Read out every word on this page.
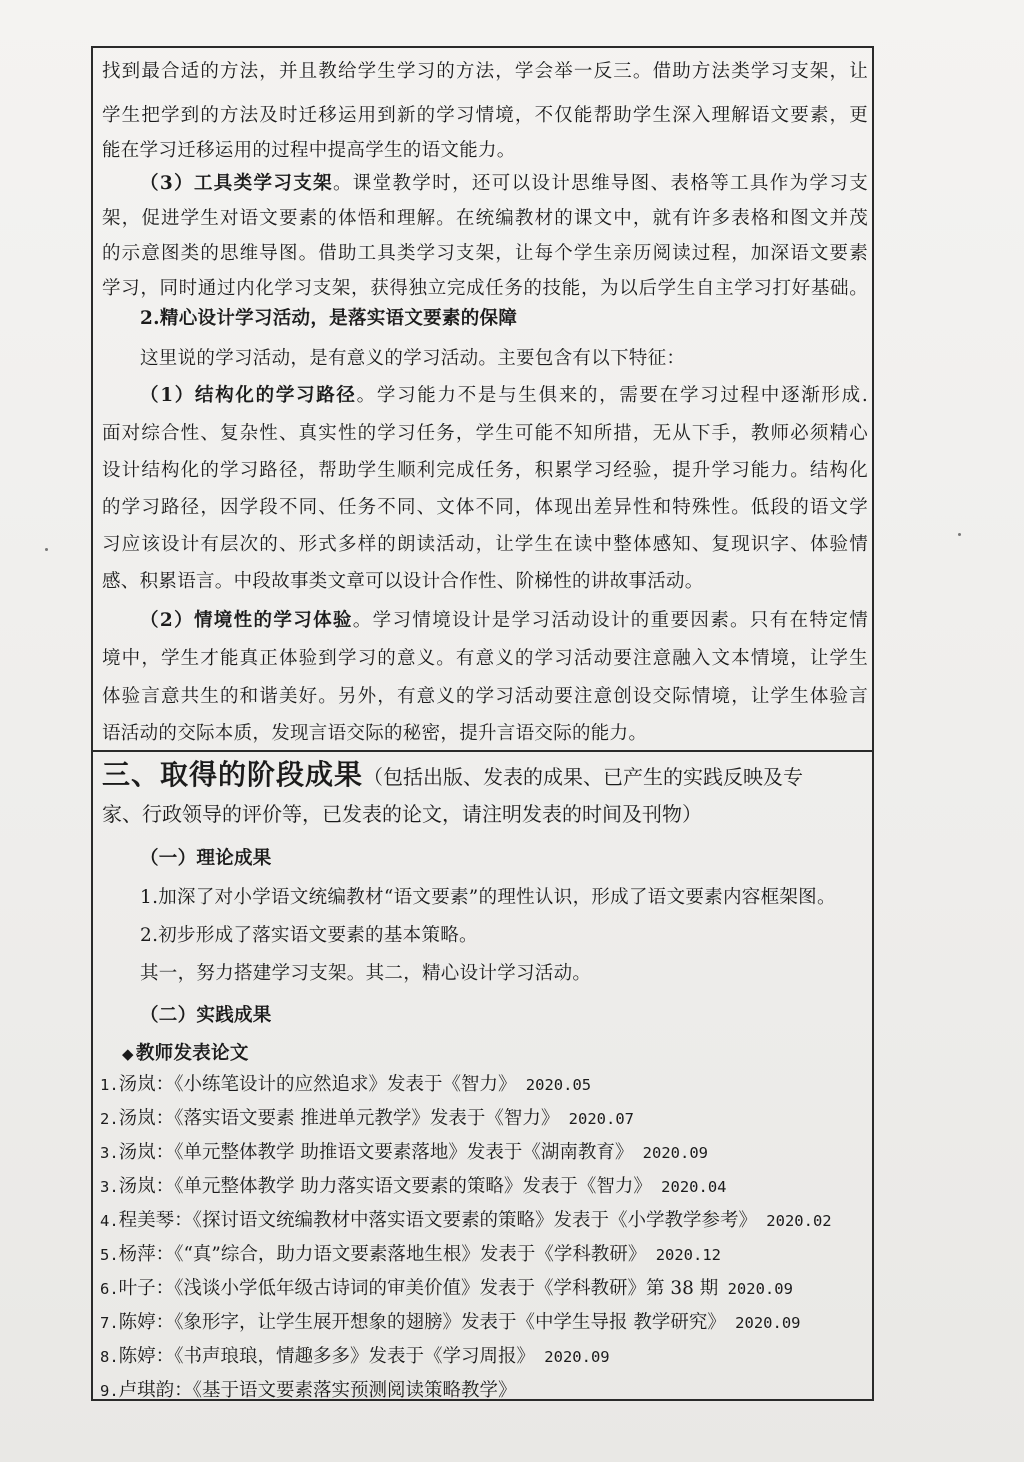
找到最合适的方法，并且教给学生学习的方法，学会举一反三。借助方法类学习支架，让
学生把学到的方法及时迁移运用到新的学习情境，不仅能帮助学生深入理解语文要素，更
能在学习迁移运用的过程中提高学生的语文能力。
（3）工具类学习支架。课堂教学时，还可以设计思维导图、表格等工具作为学习支
架，促进学生对语文要素的体悟和理解。在统编教材的课文中，就有许多表格和图文并茂
的示意图类的思维导图。借助工具类学习支架，让每个学生亲历阅读过程，加深语文要素
学习，同时通过内化学习支架，获得独立完成任务的技能，为以后学生自主学习打好基础。
2.精心设计学习活动，是落实语文要素的保障
这里说的学习活动，是有意义的学习活动。主要包含有以下特征：
（1）结构化的学习路径。学习能力不是与生俱来的，需要在学习过程中逐渐形成.
面对综合性、复杂性、真实性的学习任务，学生可能不知所措，无从下手，教师必须精心
设计结构化的学习路径，帮助学生顺利完成任务，积累学习经验，提升学习能力。结构化
的学习路径，因学段不同、任务不同、文体不同，体现出差异性和特殊性。低段的语文学
习应该设计有层次的、形式多样的朗读活动，让学生在读中整体感知、复现识字、体验情
感、积累语言。中段故事类文章可以设计合作性、阶梯性的讲故事活动。
（2）情境性的学习体验。学习情境设计是学习活动设计的重要因素。只有在特定情
境中，学生才能真正体验到学习的意义。有意义的学习活动要注意融入文本情境，让学生
体验言意共生的和谐美好。另外，有意义的学习活动要注意创设交际情境，让学生体验言
语活动的交际本质，发现言语交际的秘密，提升言语交际的能力。
三、取得的阶段成果（包括出版、发表的成果、已产生的实践反映及专
家、行政领导的评价等，已发表的论文，请注明发表的时间及刊物）
（一）理论成果
1.加深了对小学语文统编教材“语文要素”的理性认识，形成了语文要素内容框架图。
2.初步形成了落实语文要素的基本策略。
其一，努力搭建学习支架。其二，精心设计学习活动。
（二）实践成果
◆ 教师发表论文
1.汤岚：《小练笔设计的应然追求》发表于《智力》 2020.05
2.汤岚：《落实语文要素 推进单元教学》发表于《智力》 2020.07
3.汤岚：《单元整体教学 助推语文要素落地》发表于《湖南教育》 2020.09
3.汤岚：《单元整体教学 助力落实语文要素的策略》发表于《智力》 2020.04
4.程美琴：《探讨语文统编教材中落实语文要素的策略》发表于《小学教学参考》 2020.02
5.杨萍：《“真”综合，助力语文要素落地生根》发表于《学科教研》 2020.12
6.叶子：《浅谈小学低年级古诗词的审美价值》发表于《学科教研》第 38 期 2020.09
7.陈婷：《象形字，让学生展开想象的翅膀》发表于《中学生导报 教学研究》 2020.09
8.陈婷：《书声琅琅，情趣多多》发表于《学习周报》 2020.09
9.卢琪韵：《基于语文要素落实预测阅读策略教学》
